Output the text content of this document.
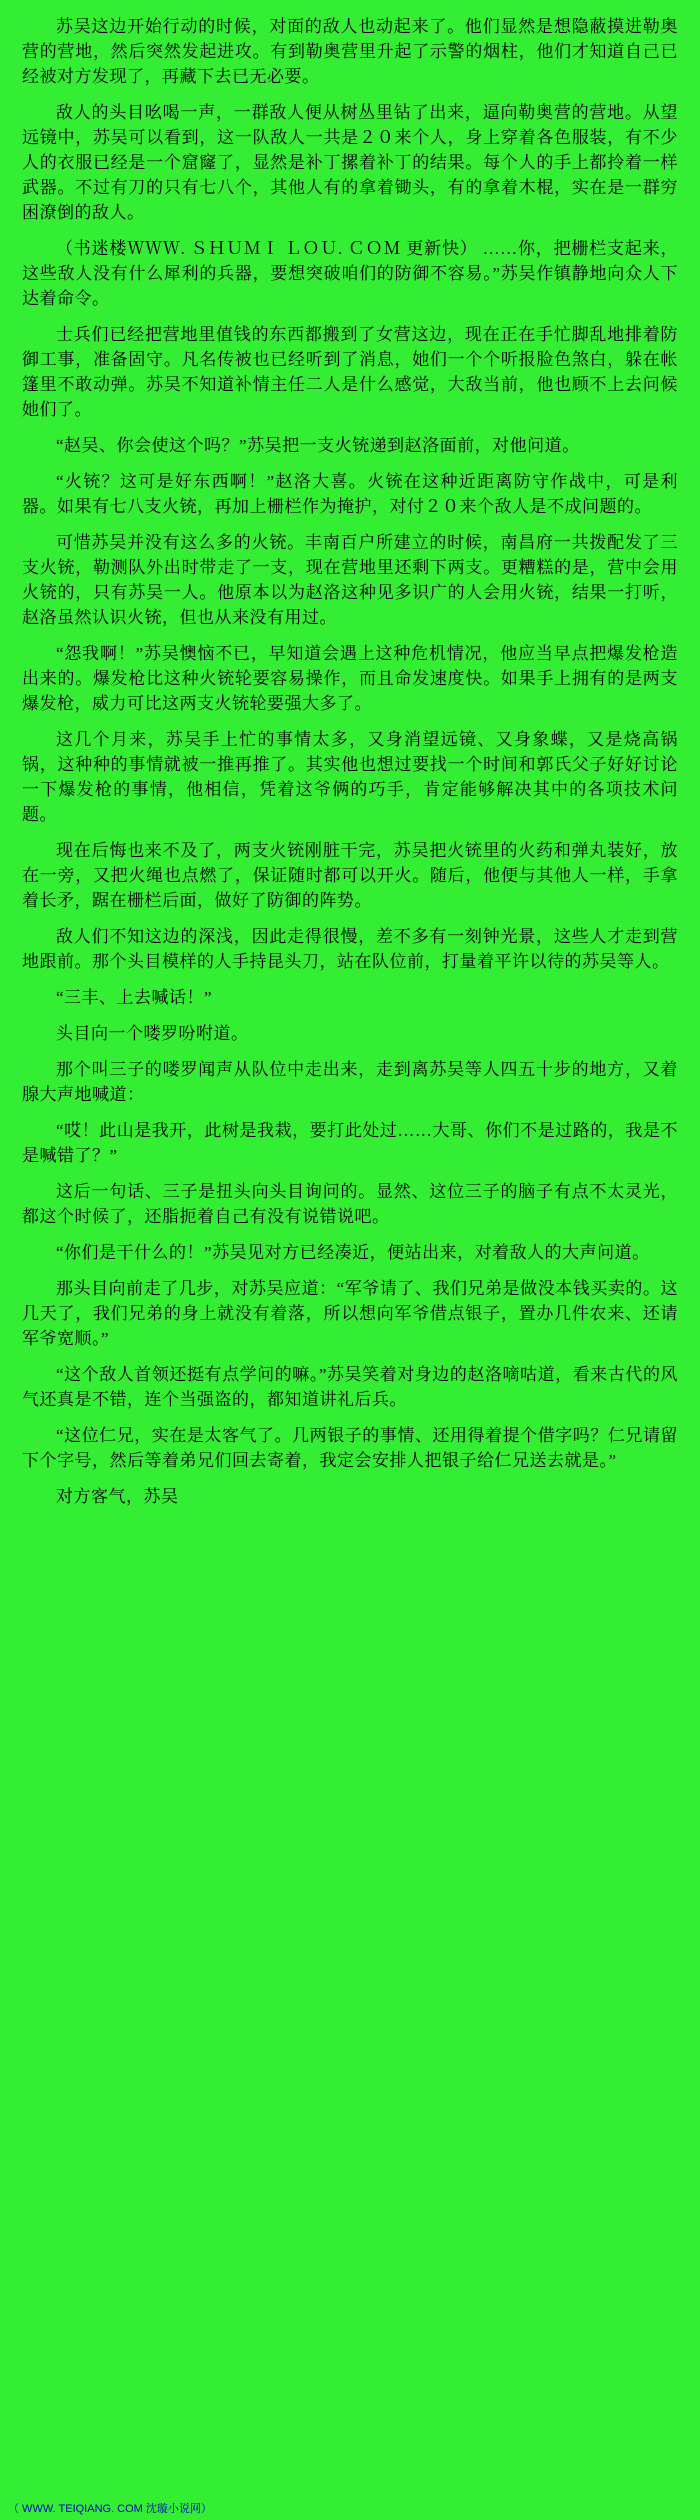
苏吴这边开始行动的时候，对面的敌人也动起来了。他们显然是想隐蔽摸进勒奥营的营地，然后突然发起进攻。有到勒奥营里升起了示警的烟柱，他们才知道自己已经被对方发现了，再藏下去已无必要。

敌人的头目吆喝一声，一群敌人便从树丛里钻了出来，逼向勒奥营的营地。从望远镜中，苏吴可以看到，这一队敌人一共是２０来个人，身上穿着各色服装，有不少人的衣服已经是一个窟窿了，显然是补丁摞着补丁的结果。每个人的手上都拎着一样武器。不过有刀的只有七八个，其他人有的拿着锄头，有的拿着木棍，实在是一群穷困潦倒的敌人。

（书迷楼ＷＷＷ. ＳＨＵＭＩ ＬＯＵ. ＣＯＭ 更新快） ……你，把栅栏支起来，这些敌人没有什么犀利的兵器，要想突破咱们的防御不容易。”苏吴作镇静地向众人下达着命令。

士兵们已经把营地里值钱的东西都搬到了女营这边，现在正在手忙脚乱地排着防御工事，准备固守。凡名传被也已经听到了消息，她们一个个听报脸色煞白，躲在帐篷里不敢动弹。苏吴不知道补情主任二人是什么感觉，大敌当前，他也顾不上去问候她们了。

“赵吴、你会使这个吗？”苏吴把一支火铳递到赵洛面前，对他问道。

“火铳？这可是好东西啊！”赵洛大喜。火铳在这种近距离防守作战中，可是利器。如果有七八支火铳，再加上栅栏作为掩护，对付２０来个敌人是不成问题的。

可惜苏吴并没有这么多的火铳。丰南百户所建立的时候，南昌府一共拨配发了三支火铳，勒测队外出时带走了一支，现在营地里还剩下两支。更糟糕的是，营中会用火铳的，只有苏吴一人。他原本以为赵洛这种见多识广的人会用火铳，结果一打听，赵洛虽然认识火铳，但也从来没有用过。

“怨我啊！”苏吴懊恼不已，早知道会遇上这种危机情况，他应当早点把爆发枪造出来的。爆发枪比这种火铳轮要容易操作，而且命发速度快。如果手上拥有的是两支爆发枪，威力可比这两支火铳轮要强大多了。

这几个月来，苏吴手上忙的事情太多，又身消望远镜、又身象蝶，又是烧高锅锅，这种种的事情就被一推再推了。其实他也想过要找一个时间和郭氏父子好好讨论一下爆发枪的事情，他相信，凭着这爷俩的巧手，肯定能够解决其中的各项技术问题。

现在后悔也来不及了，两支火铳刚脏干完，苏吴把火铳里的火药和弹丸装好，放在一旁，又把火绳也点燃了，保证随时都可以开火。随后，他便与其他人一样，手拿着长矛，踞在栅栏后面，做好了防御的阵势。

敌人们不知这边的深浅，因此走得很慢，差不多有一刻钟光景，这些人才走到营地跟前。那个头目模样的人手持昆头刀，站在队位前，打量着平许以待的苏吴等人。

“三丰、上去喊话！”

头目向一个喽罗吩咐道。

那个叫三子的喽罗闻声从队位中走出来，走到离苏吴等人四五十步的地方，又着腺大声地喊道：

“哎！此山是我开，此树是我栽，要打此处过……大哥、你们不是过路的，我是不是喊错了？”

这后一句话、三子是扭头向头目询问的。显然、这位三子的脑子有点不太灵光，都这个时候了，还脂扼着自己有没有说错说吧。

“你们是干什么的！”苏吴见对方已经凑近，便站出来，对着敌人的大声问道。

那头目向前走了几步，对苏吴应道：“军爷请了、我们兄弟是做没本钱买卖的。这几天了，我们兄弟的身上就没有着落，所以想向军爷借点银子，置办几件农来、还请军爷宽顺。”

“这个敌人首领还挺有点学问的嘛。”苏吴笑着对身边的赵洛嘀咕道，看来古代的风气还真是不错，连个当强盗的，都知道讲礼后兵。

“这位仁兄，实在是太客气了。几两银子的事情、还用得着提个借字吗？仁兄请留下个字号，然后等着弟兄们回去寄着，我定会安排人把银子给仁兄送去就是。”

对方客气，苏吴

（ WWW. TEIQIANG. COM 沈璇小说网）
